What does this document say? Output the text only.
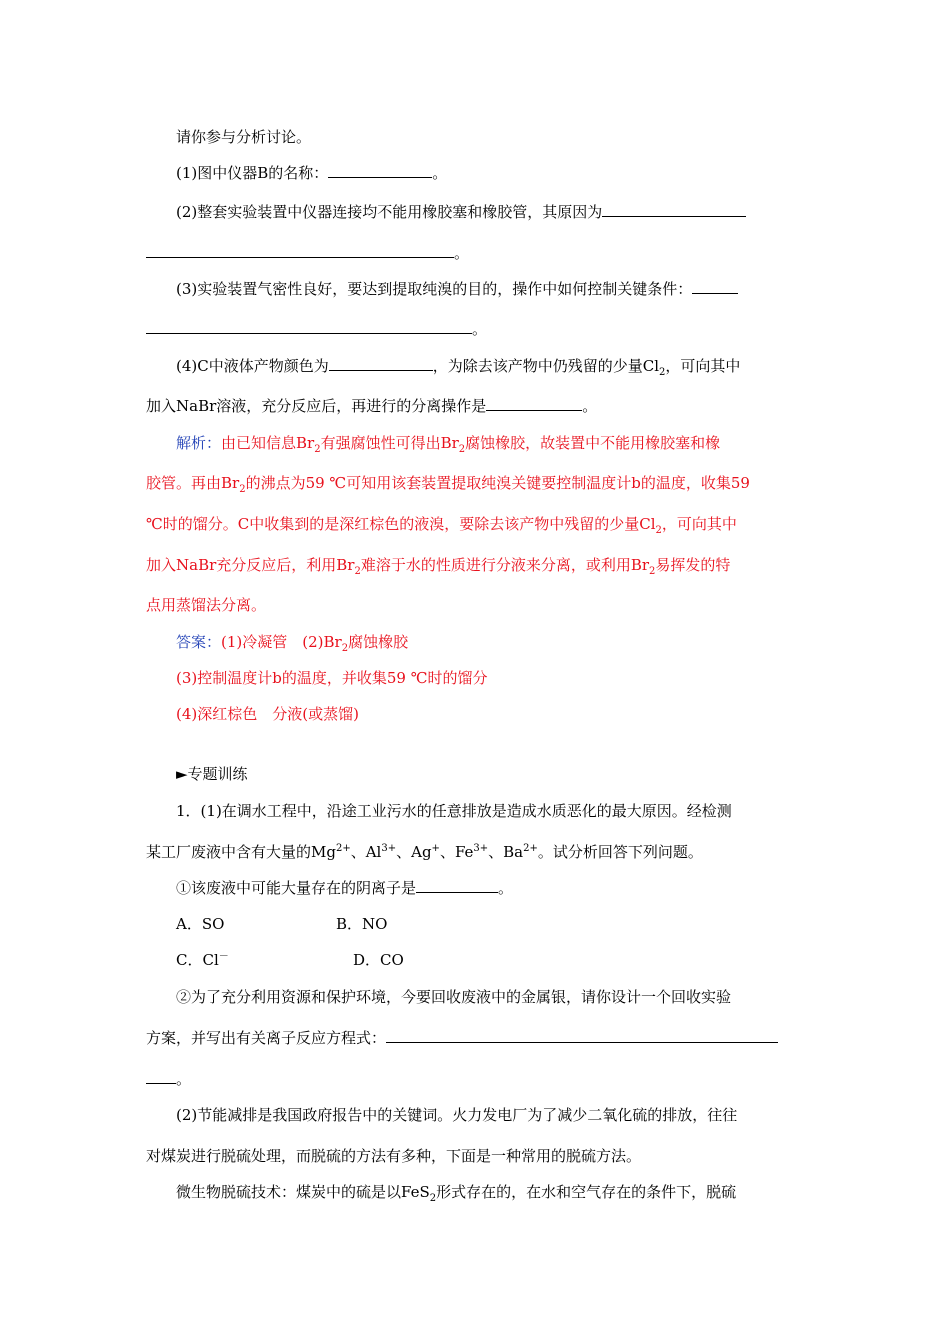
请你参与分析讨论。
(1)图中仪器B的名称：	。
(2)整套实验装置中仪器连接均不能用橡胶塞和橡胶管，其原因为
。
(3)实验装置气密性良好，要达到提取纯溴的目的，操作中如何控制关键条件：
。
(4)C中液体产物颜色为	，为除去该产物中仍残留的少量$Cl_2$，可向其中
加入NaBr溶液，充分反应后，再进行的分离操作是	。
解析：由已知信息$Br_2$有强腐蚀性可得出$Br_2$腐蚀橡胶，故装置中不能用橡胶塞和橡
胶管。再由$Br_2$的沸点为59 ℃可知用该套装置提取纯溴关键要控制温度计b的温度，收集59
℃时的馏分。C中收集到的是深红棕色的液溴，要除去该产物中残留的少量$Cl_2$，可向其中
加入NaBr充分反应后，利用$Br_2$难溶于水的性质进行分液来分离，或利用$Br_2$易挥发的特
点用蒸馏法分离。
答案：(1)冷凝管　$(2)Br_2$腐蚀橡胶
(3)控制温度计b的温度，并收集59 ℃时的馏分
(4)深红棕色　分液(或蒸馏)
►专题训练
1．(1)在调水工程中，沿途工业污水的任意排放是造成水质恶化的最大原因。经检测
某工厂废液中含有大量的$Mg^{2+}$、$Al^{3+}$、Ag+、$Fe^{3+}$、$Ba^{2+}$。试分析回答下列问题。
①该废液中可能大量存在的阴离子是	。
A．SO	B．NO
C．Cl－	D．CO
②为了充分利用资源和保护环境，今要回收废液中的金属银，请你设计一个回收实验
方案，并写出有关离子反应方程式：
。
(2)节能减排是我国政府报告中的关键词。火力发电厂为了减少二氧化硫的排放，往往
对煤炭进行脱硫处理，而脱硫的方法有多种，下面是一种常用的脱硫方法。
微生物脱硫技术：煤炭中的硫是以FeS$_2$形式存在的，在水和空气存在的条件下，脱硫
